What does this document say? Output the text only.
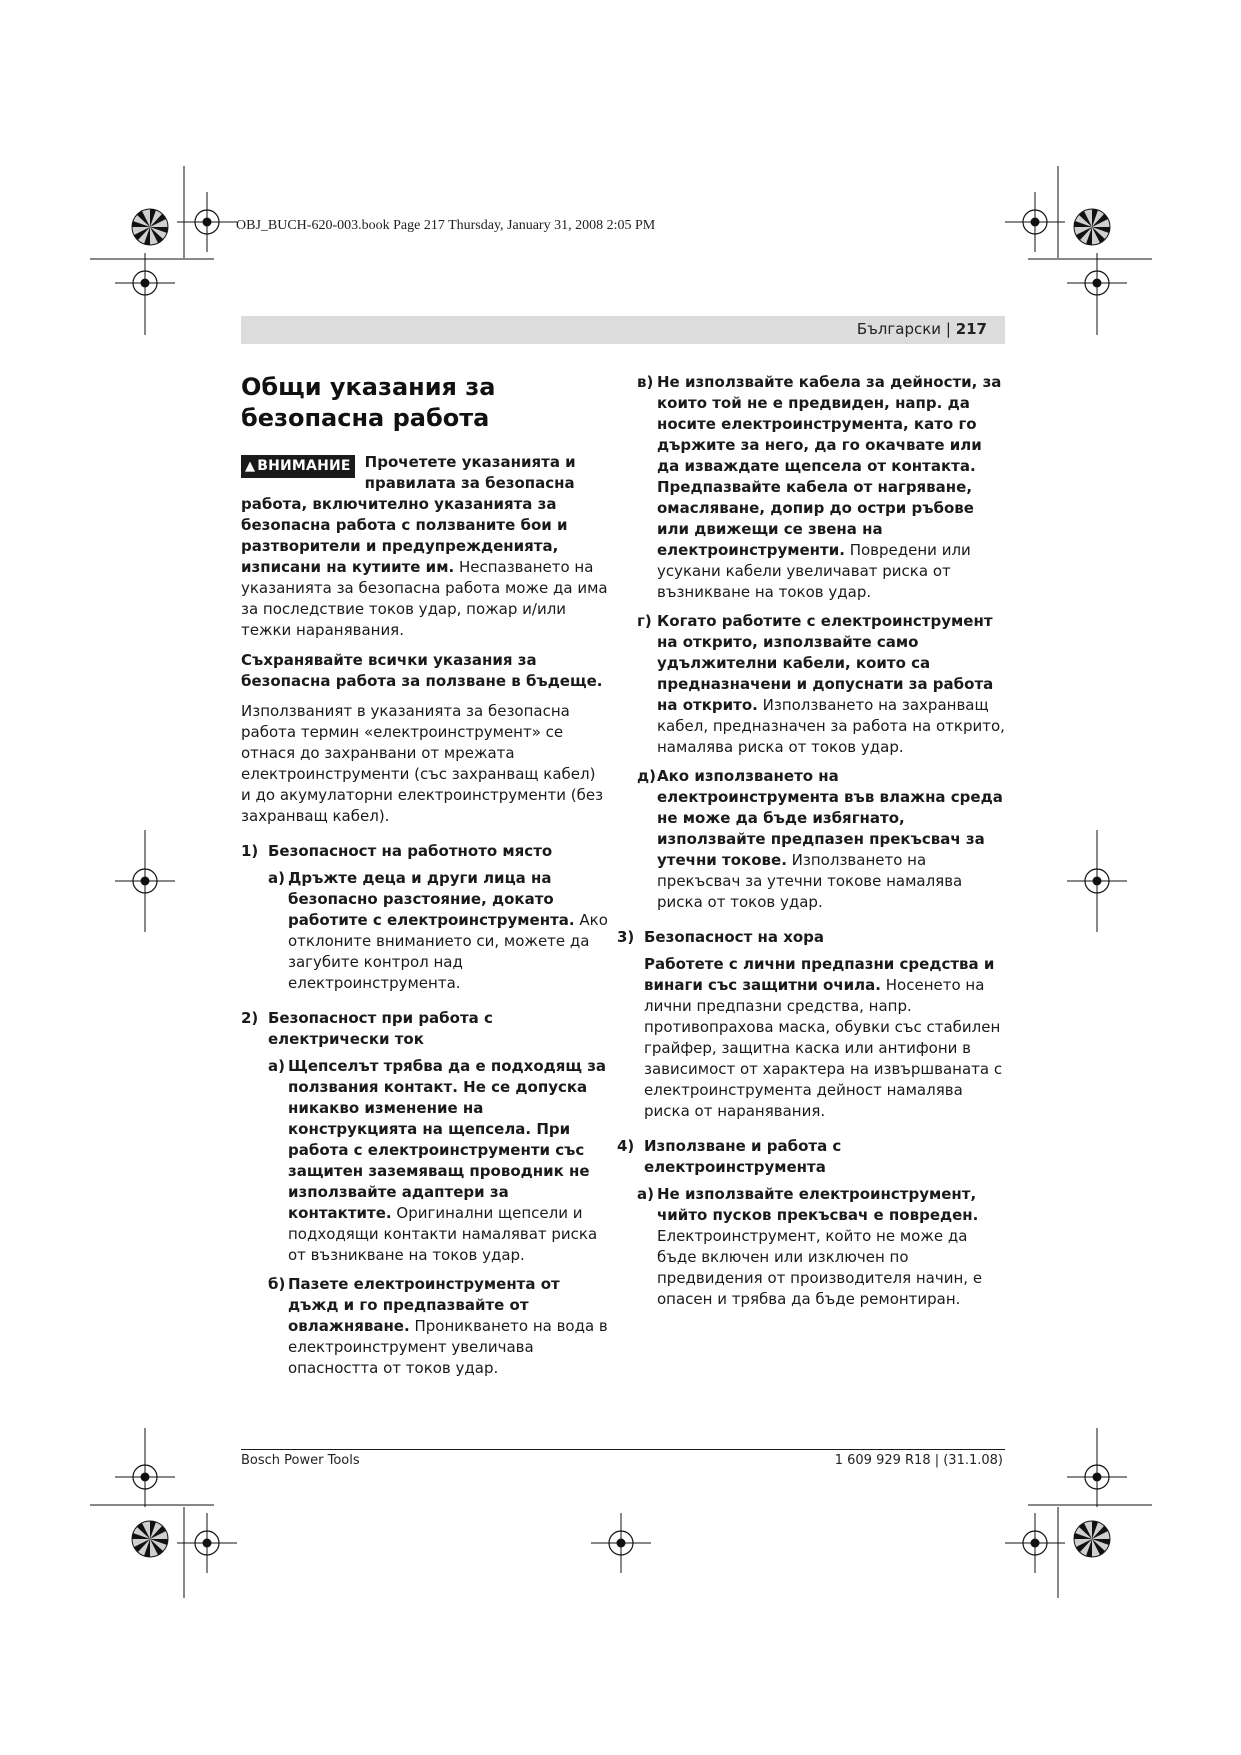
OBJ_BUCH-620-003.book Page 217 Thursday, January 31, 2008 2:05 PM
Български | 217
Общи указания за безопасна работа
▲ ВНИМАНИЕ Прочетете указанията и правилата за безопасна работа, включително указанията за безопасна работа с ползваните бои и разтворители и предупрежденията, изписани на кутиите им. Неспазването на указанията за безопасна работа може да има за последствие токов удар, пожар и/или тежки наранявания.

Съхранявайте всички указания за безопасна работа за ползване в бъдеще.

Използваният в указанията за безопасна работа термин «електроинструмент» се отнася до захранвани от мрежата електроинструменти (със захранващ кабел) и до акумулаторни електроинструменти (без захранващ кабел).

1) Безопасност на работното място
а) Дръжте деца и други лица на безопасно разстояние, докато работите с електроинструмента. Ако отклоните вниманието си, можете да загубите контрол над електроинструмента.
2) Безопасност при работа с електрически ток
а) Щепселът трябва да е подходящ за ползвания контакт. Не се допуска никакво изменение на конструкцията на щепсела. При работа с електроинструменти със защитен заземяващ проводник не използвайте адаптери за контактите. Оригинални щепсели и подходящи контакти намаляват риска от възникване на токов удар.
б) Пазете електроинструмента от дъжд и го предпазвайте от овлажняване. Проникването на вода в електроинструмент увеличава опасността от токов удар.
в) Не използвайте кабела за дейности, за които той не е предвиден, напр. да носите електроинструмента, като го държите за него, да го окачвате или да изваждате щепсела от контакта. Предпазвайте кабела от нагряване, омасляване, допир до остри ръбове или движещи се звена на електроинструменти. Повредени или усукани кабели увеличават риска от възникване на токов удар.
г) Когато работите с електроинструмент на открито, използвайте само удължителни кабели, които са предназначени и допуснати за работа на открито. Използването на захранващ кабел, предназначен за работа на открито, намалява риска от токов удар.
д) Ако използването на електроинструмента във влажна среда не може да бъде избягнато, използвайте предпазен прекъсвач за утечни токове. Използването на прекъсвач за утечни токове намалява риска от токов удар.
3) Безопасност на хора
Работете с лични предпазни средства и винаги със защитни очила. Носенето на лични предпазни средства, напр. противопрахова маска, обувки със стабилен грайфер, защитна каска или антифони в зависимост от характера на извършваната с електроинструмента дейност намалява риска от наранявания.
4) Използване и работа с електроинструмента
а) Не използвайте електроинструмент, чийто пусков прекъсвач е повреден. Електроинструмент, който не може да бъде включен или изключен по предвидения от производителя начин, е опасен и трябва да бъде ремонтиран.
Bosch Power Tools	1 609 929 R18 | (31.1.08)
